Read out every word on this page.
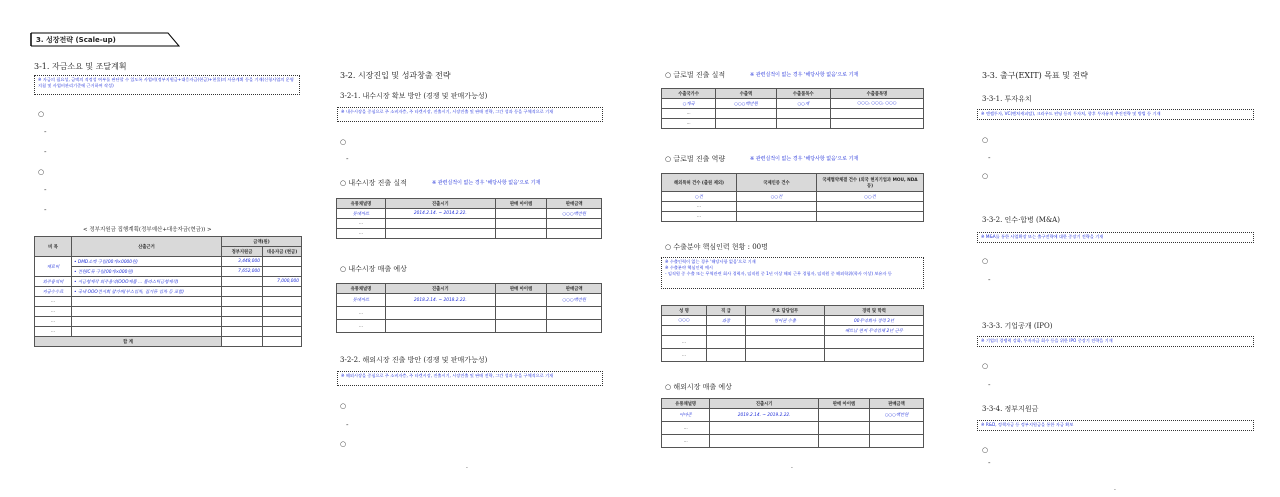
3. 성장전략 (Scale-up)
3-1. 자금소요 및 조달계획
※ 자금의 필요성, 금액의 적정성 여부를 판단할 수 있도록 사업비(정부지원금+대응자금(현금)+현물)의 사용계획 등을 기재(신청사업의 운영지침 및 사업비관리기준에 근거하여 작성)
○
-
-
○
-
-
< 정부지원금 집행계획(정부예산+대응자금(현금)) >
비 목	산출근거	금액(원)	
		정부지원금	대응자금 (현금)
재료비	• DMD소켓 구입(00개×0000원)	3,448,000	
	• 전원IC류 구입(00개×000원)	7,652,000	
외주용역비	• 시금형제작 외주용역(OOO제품 ... 플라스틱금형제작)		7,000,000
지급수수료	• 국내 OOO전시회 참가비(부스임차, 집기류 임차 등 포함)		
...			
...			
...			
...			
합 계			
3-2. 시장진입 및 성과창출 전략
3-2-1. 내수시장 확보 방안 (경쟁 및 판매가능성)
※ 내수시장을 중심으로 주 소비자층, 주 타겟시장, 진출시기, 시장진출 및 판매 전략, 그간 성과 등을 구체적으로 기재
○
-
○ 내수시장 진출 실적	※ 관련실적이 없는 경우 '해당사항 없음'으로 기재
유통채널명	진출시기	판매 아이템	판매금액
롯데마트	2014.2.14. ~ 2014.2.22.		○○○백만원
...			
...			
○ 내수시장 매출 예상
유통채널명	진출시기	판매 아이템	판매금액
롯데마트	2018.2.14. ~ 2018.2.22.		○○○백만원
...			
...			
3-2-2. 해외시장 진출 방안 (경쟁 및 판매가능성)
※ 해외시장을 중심으로 주 소비자층, 주 타겟시장, 진출시기, 시장진출 및 판매 전략, 그간 성과 등을 구체적으로 기재
○
-
○
-
○ 글로벌 진출 실적	※ 관련실적이 없는 경우 '해당사항 없음'으로 기재
수출국가수	수출액	수출품목수	수출품목명
○개국	○○○백만원	○○개	○○○, ○○○, ○○○
...			
...			
○ 글로벌 진출 역량	※ 관련실적이 없는 경우 '해당사항 없음'으로 기재
해외특허 건수 (출원 제외)	국제인증 건수	국제협약체결 건수 (외국 현지기업과 MOU, NDA 등)
○건	○○건	○○건
...		
...		
○ 수출분야 핵심인력 현황 : 00명
※ 수출인력이 없는 경우 '해당사항 없음'으로 기재
※ 수출분야 핵심인력 예시
- 임직원 중 수출 또는 무역관련 회사 경력자, 임직원 중 1년 이상 해외 근무 경험자, 임직원 중 해외학위(학사 이상) 보유자 등
성 명	직 급	주요 담당업무	경력 및 학력
○○○	과장	영어권 수출	00무역회사 경력 3년
			베트남 현지 무역업체 2년 근무
...			
...			
○ 해외시장 매출 예상
유통채널명	진출시기	판매 아이템	판매금액
아마존	2019.2.14. ~ 2019.2.22.		○○○백만원
...			
...			
-
3-3. 출구(EXIT) 목표 및 전략
3-3-1. 투자유치
※ 엔젤투자, VC(벤처캐피탈), 크라우드 펀딩 등의 투자처, 향후 투자유치 추진전략 및 방법 등 기재
○
-
○
3-3-2. 인수·합병 (M&A)
※ M&A를 통한 사업확장 또는 출구전략에 대한 중장기 전략을 기재
○
-
3-3-3. 기업공개 (IPO)
※ 기업의 경쟁력 강화, 투자자금 회수 등을 위한 IPO 중장기 전략을 기재
○
-
3-3-4. 정부지원금
※ R&D, 정책자금 등 정부지원금을 통한 자금 확보
○
-
-
